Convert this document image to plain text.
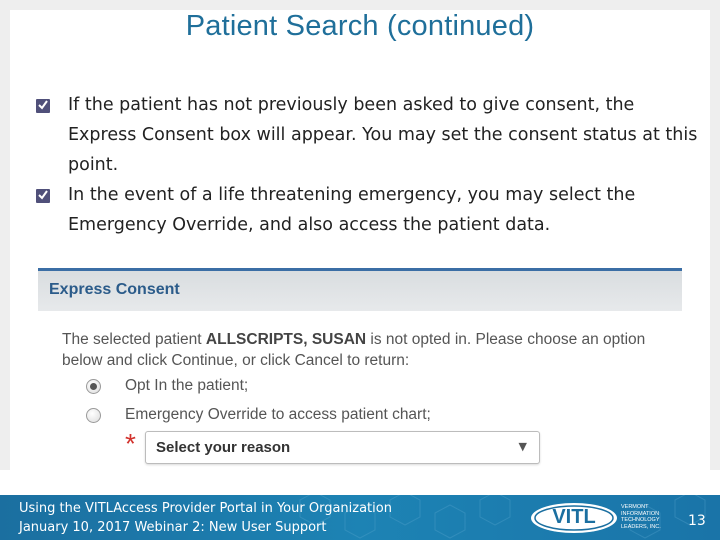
Patient Search (continued)
If the patient has not previously been asked to give consent, the Express Consent box will appear. You may set the consent status at this point.
In the event of a life threatening emergency, you may select the Emergency Override, and also access the patient data.
Express Consent
The selected patient ALLSCRIPTS, SUSAN is not opted in. Please choose an option below and click Continue, or click Cancel to return:
Opt In the patient;
Emergency Override to access patient chart;
* Select your reason	▼
Using the VITLAccess Provider Portal in Your Organization
January 10, 2017 Webinar 2: New User Support	VITL	VERMONT
INFORMATION
TECHNOLOGY
LEADERS, INC.	13
